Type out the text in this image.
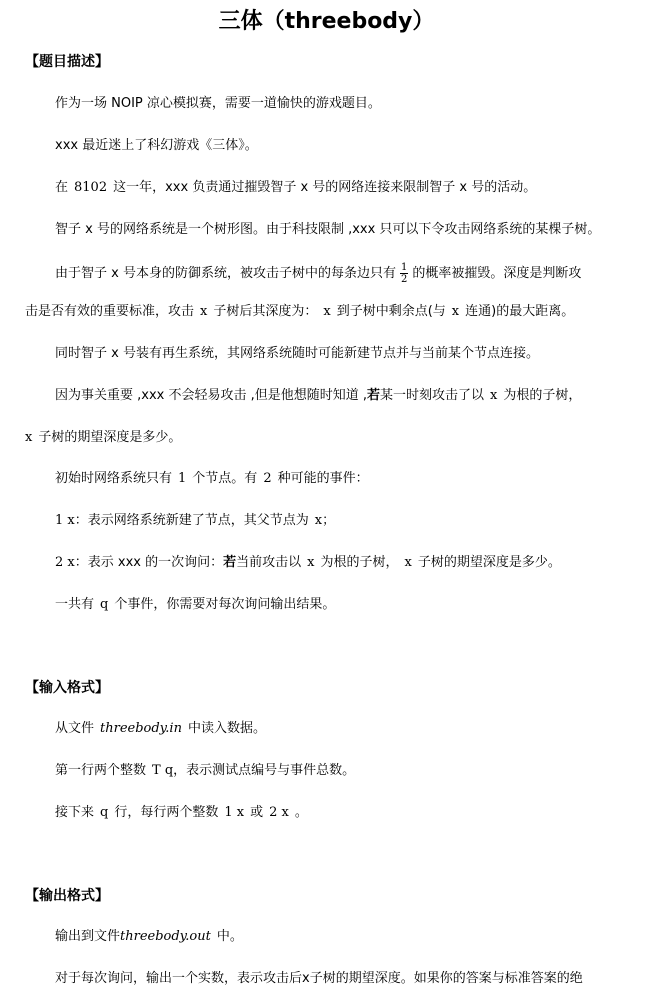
三体（threebody）
【题目描述】
作为一场 NOIP 凉心模拟赛，需要一道愉快的游戏题目。
xxx 最近迷上了科幻游戏《三体》。
在 8102 这一年，xxx 负责通过摧毁智子 x 号的网络连接来限制智子 x 号的活动。
智子 x 号的网络系统是一个树形图。由于科技限制 ,xxx 只可以下令攻击网络系统的某棵子树。
由于智子 x 号本身的防御系统，被攻击子树中的每条边只有 $\frac{1}{2}$ 的概率被摧毁。深度是判断攻
击是否有效的重要标准，攻击 x 子树后其深度为： x 到子树中剩余点(与 x 连通)的最大距离。
同时智子 x 号装有再生系统，其网络系统随时可能新建节点并与当前某个节点连接。
因为事关重要 ,xxx 不会轻易攻击 ,但是他想随时知道 ,若某一时刻攻击了以 x 为根的子树，
x 子树的期望深度是多少。
初始时网络系统只有 1 个节点。有 2 种可能的事件：
1 x：表示网络系统新建了节点，其父节点为 x；
2 x：表示 xxx 的一次询问：若当前攻击以 x 为根的子树， x 子树的期望深度是多少。
一共有 q 个事件，你需要对每次询问输出结果。
【输入格式】
从文件 threebody.in 中读入数据。
第一行两个整数 T q，表示测试点编号与事件总数。
接下来 q 行，每行两个整数 1 x 或 2 x 。
【输出格式】
输出到文件threebody.out 中。
对于每次询问，输出一个实数，表示攻击后x子树的期望深度。如果你的答案与标准答案的绝
